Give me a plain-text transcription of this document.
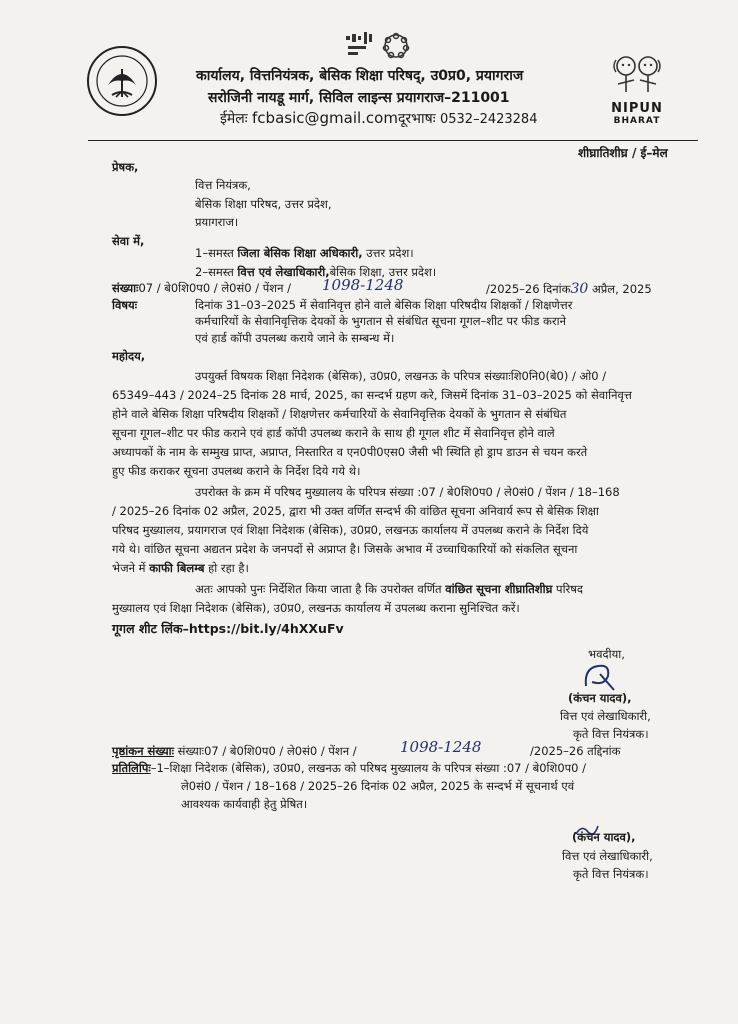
कार्यालय, वित्तनियंत्रक, बेसिक शिक्षा परिषद्, उ0प्र0, प्रयागराज
सरोजिनी नायडू मार्ग, सिविल लाइन्स प्रयागराज–211001
ईमेलः fcbasic@gmail.comदूरभाषः 0532–2423284
NIPUN
BHARAT
शीघ्रातिशीघ्र / ई–मेल
प्रेषक,
वित्त नियंत्रक,
बेसिक शिक्षा परिषद, उत्तर प्रदेश,
प्रयागराज।
सेवा में,
1–समस्त जिला बेसिक शिक्षा अधिकारी, उत्तर प्रदेश।
2–समस्त वित्त एवं लेखाधिकारी,बेसिक शिक्षा, उत्तर प्रदेश।
संख्याः07 / बे0शि0प0 / ले0सं0 / पेंशन / 1098-1248	/2025–26 दिनांक30 अप्रैल, 2025
विषयः	दिनांक 31–03–2025 में सेवानिवृत्त होने वाले बेसिक शिक्षा परिषदीय शिक्षकों / शिक्षणेत्तर
कर्मचारियों के सेवानिवृत्तिक देयकों के भुगतान से संबंधित सूचना गूगल–शीट पर फीड कराने
एवं हार्ड कॉपी उपलब्ध कराये जाने के सम्बन्ध में।
महोदय,
उपयुर्क्त विषयक शिक्षा निदेशक (बेसिक), उ0प्र0, लखनऊ के परिपत्र संख्याःशि0नि0(बे0) / ओ0 /
65349–443 / 2024–25 दिनांक 28 मार्च, 2025, का सन्दर्भ ग्रहण करे, जिसमें दिनांक 31–03–2025 को सेवानिवृत्त
होने वाले बेसिक शिक्षा परिषदीय शिक्षकों / शिक्षणेत्तर कर्मचारियों के सेवानिवृत्तिक देयकों के भुगतान से संबंधित
सूचना गूगल–शीट पर फीड कराने एवं हार्ड कॉपी उपलब्ध कराने के साथ ही गूगल शीट में सेवानिवृत्त होने वाले
अध्यापकों के नाम के सम्मुख प्राप्त, अप्राप्त, निस्तारित व एन0पी0एस0 जैसी भी स्थिति हो ड्राप डाउन से चयन करते
हुए फीड कराकर सूचना उपलब्ध कराने के निर्देश दिये गये थे।
उपरोक्त के क्रम में परिषद मुख्यालय के परिपत्र संख्या :07 / बे0शि0प0 / ले0सं0 / पेंशन / 18–168
/ 2025–26 दिनांक 02 अप्रैल, 2025, द्वारा भी उक्त वर्णित सन्दर्भ की वांछित सूचना अनिवार्य रूप से बेसिक शिक्षा
परिषद मुख्यालय, प्रयागराज एवं शिक्षा निदेशक (बेसिक), उ0प्र0, लखनऊ कार्यालय में उपलब्ध कराने के निर्देश दिये
गये थे। वांछित सूचना अद्यतन प्रदेश के जनपदों से अप्राप्त है। जिसके अभाव में उच्चाधिकारियों को संकलित सूचना
भेजने में काफी बिलम्ब हो रहा है।
अतः आपको पुनः निर्देशित किया जाता है कि उपरोक्त वर्णित वांछित सूचना शीघ्रातिशीघ्र परिषद
मुख्यालय एवं शिक्षा निदेशक (बेसिक), उ0प्र0, लखनऊ कार्यालय में उपलब्ध कराना सुनिश्चित करें।
गूगल शीट लिंक–https://bit.ly/4hXXuFv
भवदीया,
(कंचन यादव),
वित्त एवं लेखाधिकारी,
कृते वित्त नियंत्रक।
पृष्ठांकन संख्याः संख्याः07 / बे0शि0प0 / ले0सं0 / पेंशन /	1098-1248	/2025–26 तद्दिनांक
प्रतिलिपिः–1–शिक्षा निदेशक (बेसिक), उ0प्र0, लखनऊ को परिषद मुख्यालय के परिपत्र संख्या :07 / बे0शि0प0 /
ले0सं0 / पेंशन / 18–168 / 2025–26 दिनांक 02 अप्रैल, 2025 के सन्दर्भ में सूचनार्थ एवं
आवश्यक कार्यवाही हेतु प्रेषित।
(कंचन यादव),
वित्त एवं लेखाधिकारी,
कृते वित्त नियंत्रक।
